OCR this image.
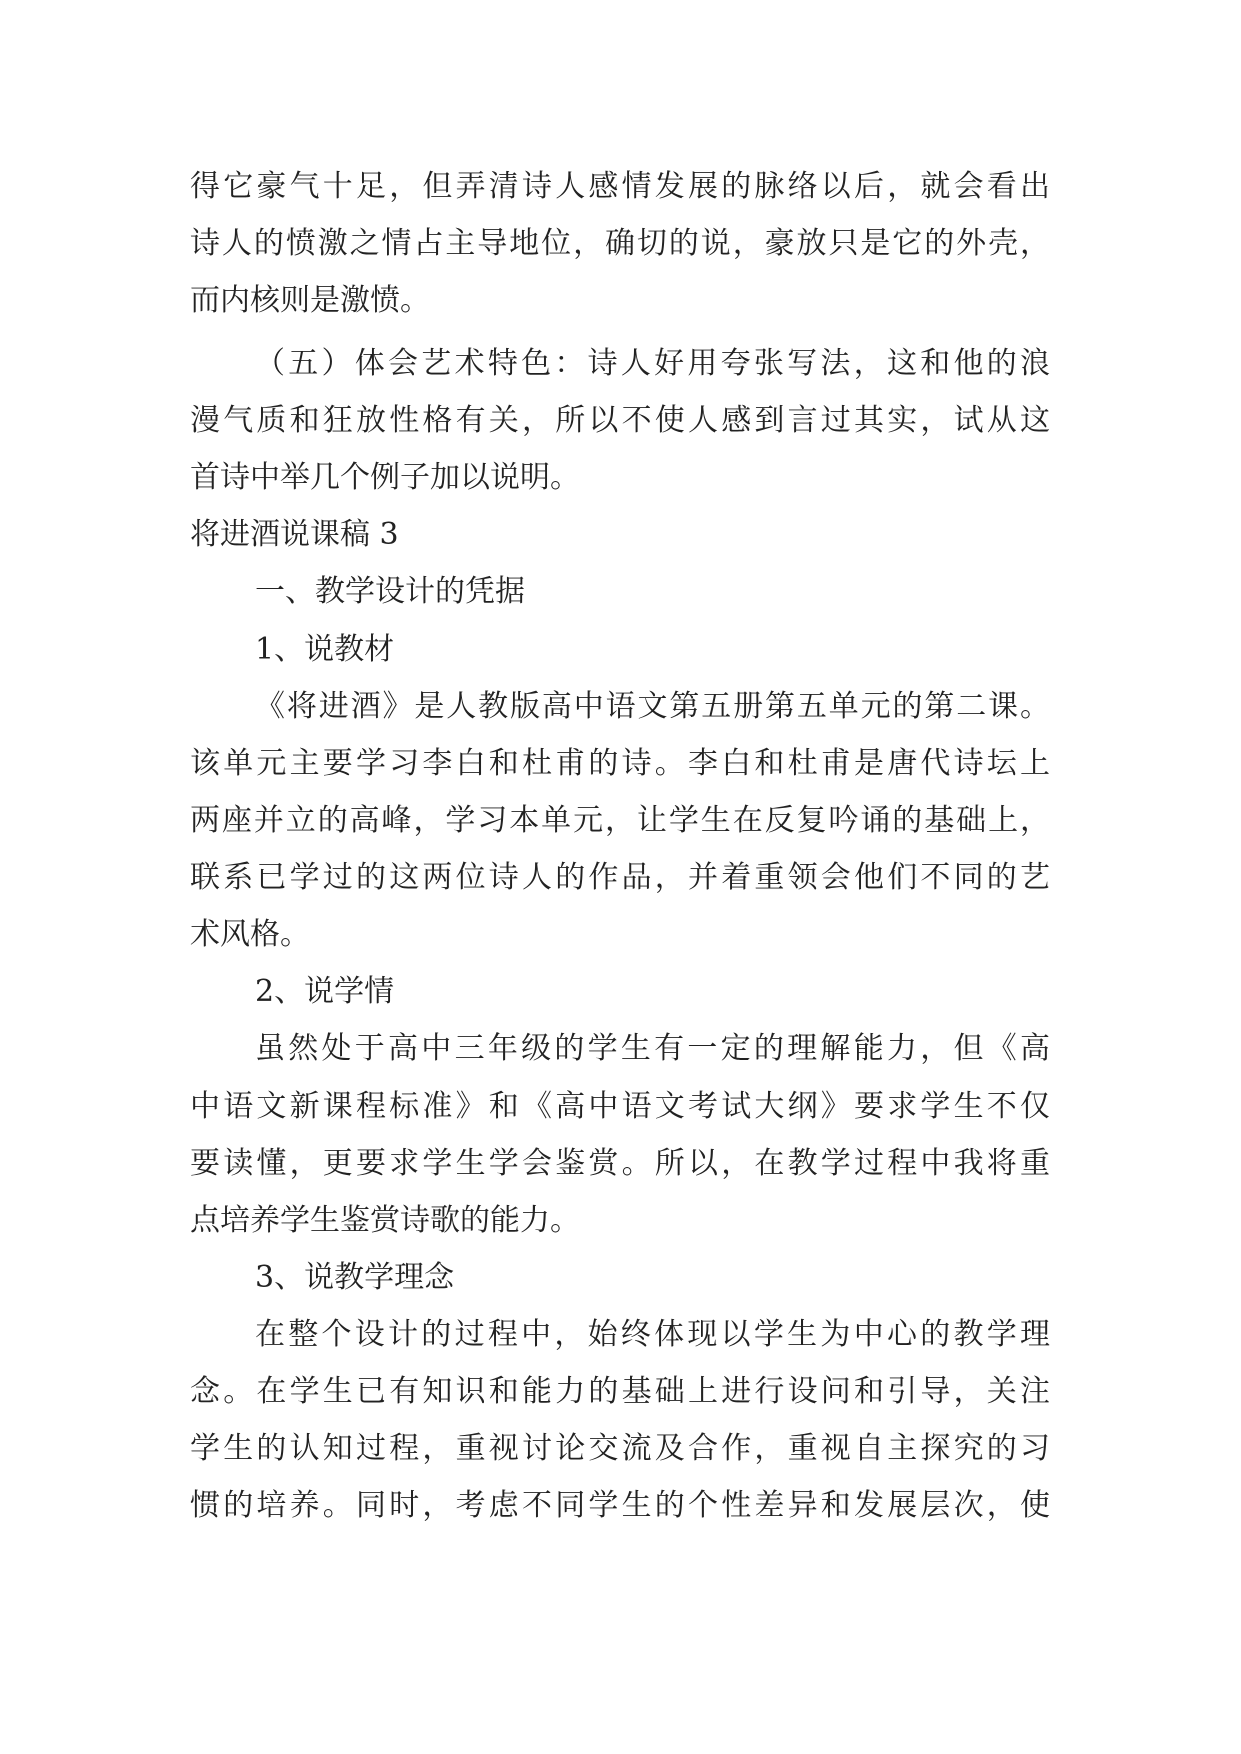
得它豪气十足，但弄清诗人感情发展的脉络以后，就会看出
诗人的愤激之情占主导地位，确切的说，豪放只是它的外壳，
而内核则是激愤。
（五）体会艺术特色：诗人好用夸张写法，这和他的浪
漫气质和狂放性格有关，所以不使人感到言过其实，试从这
首诗中举几个例子加以说明。
将进酒说课稿 3
一、教学设计的凭据
1、说教材
《将进酒》是人教版高中语文第五册第五单元的第二课。
该单元主要学习李白和杜甫的诗。李白和杜甫是唐代诗坛上
两座并立的高峰，学习本单元，让学生在反复吟诵的基础上，
联系已学过的这两位诗人的作品，并着重领会他们不同的艺
术风格。
2、说学情
虽然处于高中三年级的学生有一定的理解能力，但《高
中语文新课程标准》和《高中语文考试大纲》要求学生不仅
要读懂，更要求学生学会鉴赏。所以，在教学过程中我将重
点培养学生鉴赏诗歌的能力。
3、说教学理念
在整个设计的过程中，始终体现以学生为中心的教学理
念。在学生已有知识和能力的基础上进行设问和引导，关注
学生的认知过程，重视讨论交流及合作，重视自主探究的习
惯的培养。同时，考虑不同学生的个性差异和发展层次，使
